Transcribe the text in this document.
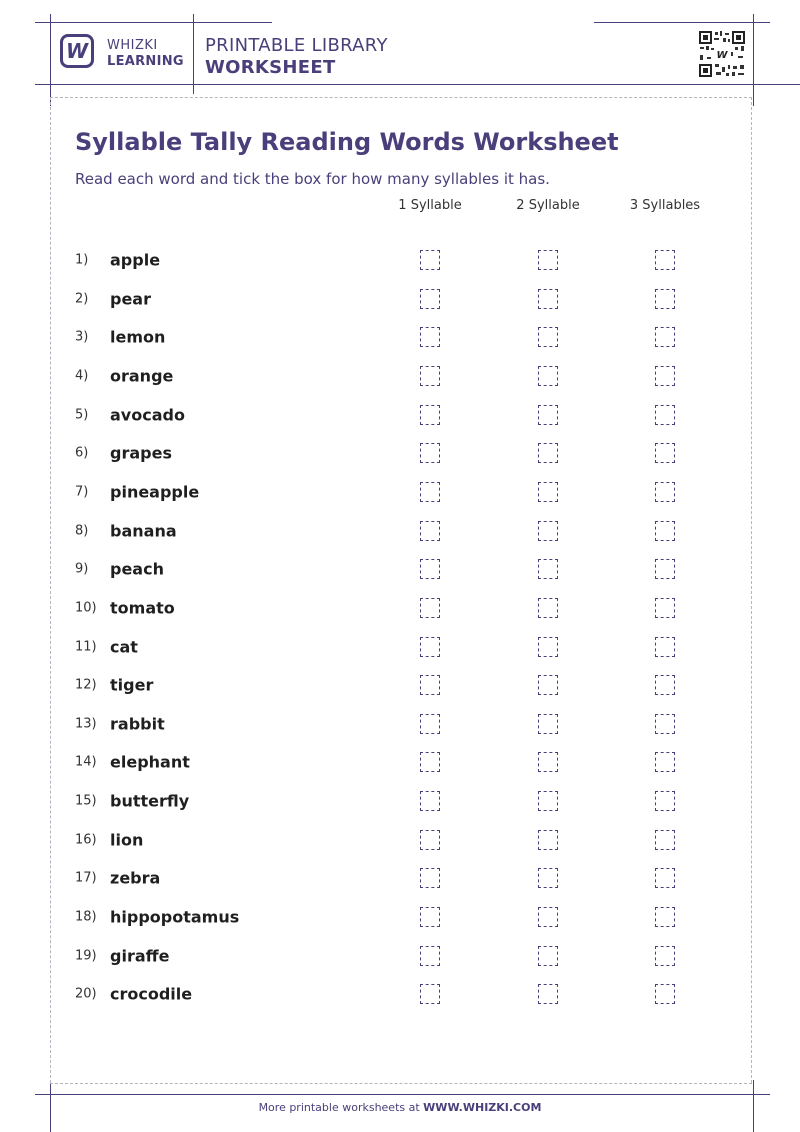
W WHIZKI
LEARNING
PRINTABLE LIBRARY
WORKSHEET
W
Syllable Tally Reading Words Worksheet
Read each word and tick the box for how many syllables it has.
1 Syllable	2 Syllable	3 Syllables
1) apple
2) pear
3) lemon
4) orange
5) avocado
6) grapes
7) pineapple
8) banana
9) peach
10) tomato
11) cat
12) tiger
13) rabbit
14) elephant
15) butterfly
16) lion
17) zebra
18) hippopotamus
19) giraffe
20) crocodile
More printable worksheets at WWW.WHIZKI.COM
